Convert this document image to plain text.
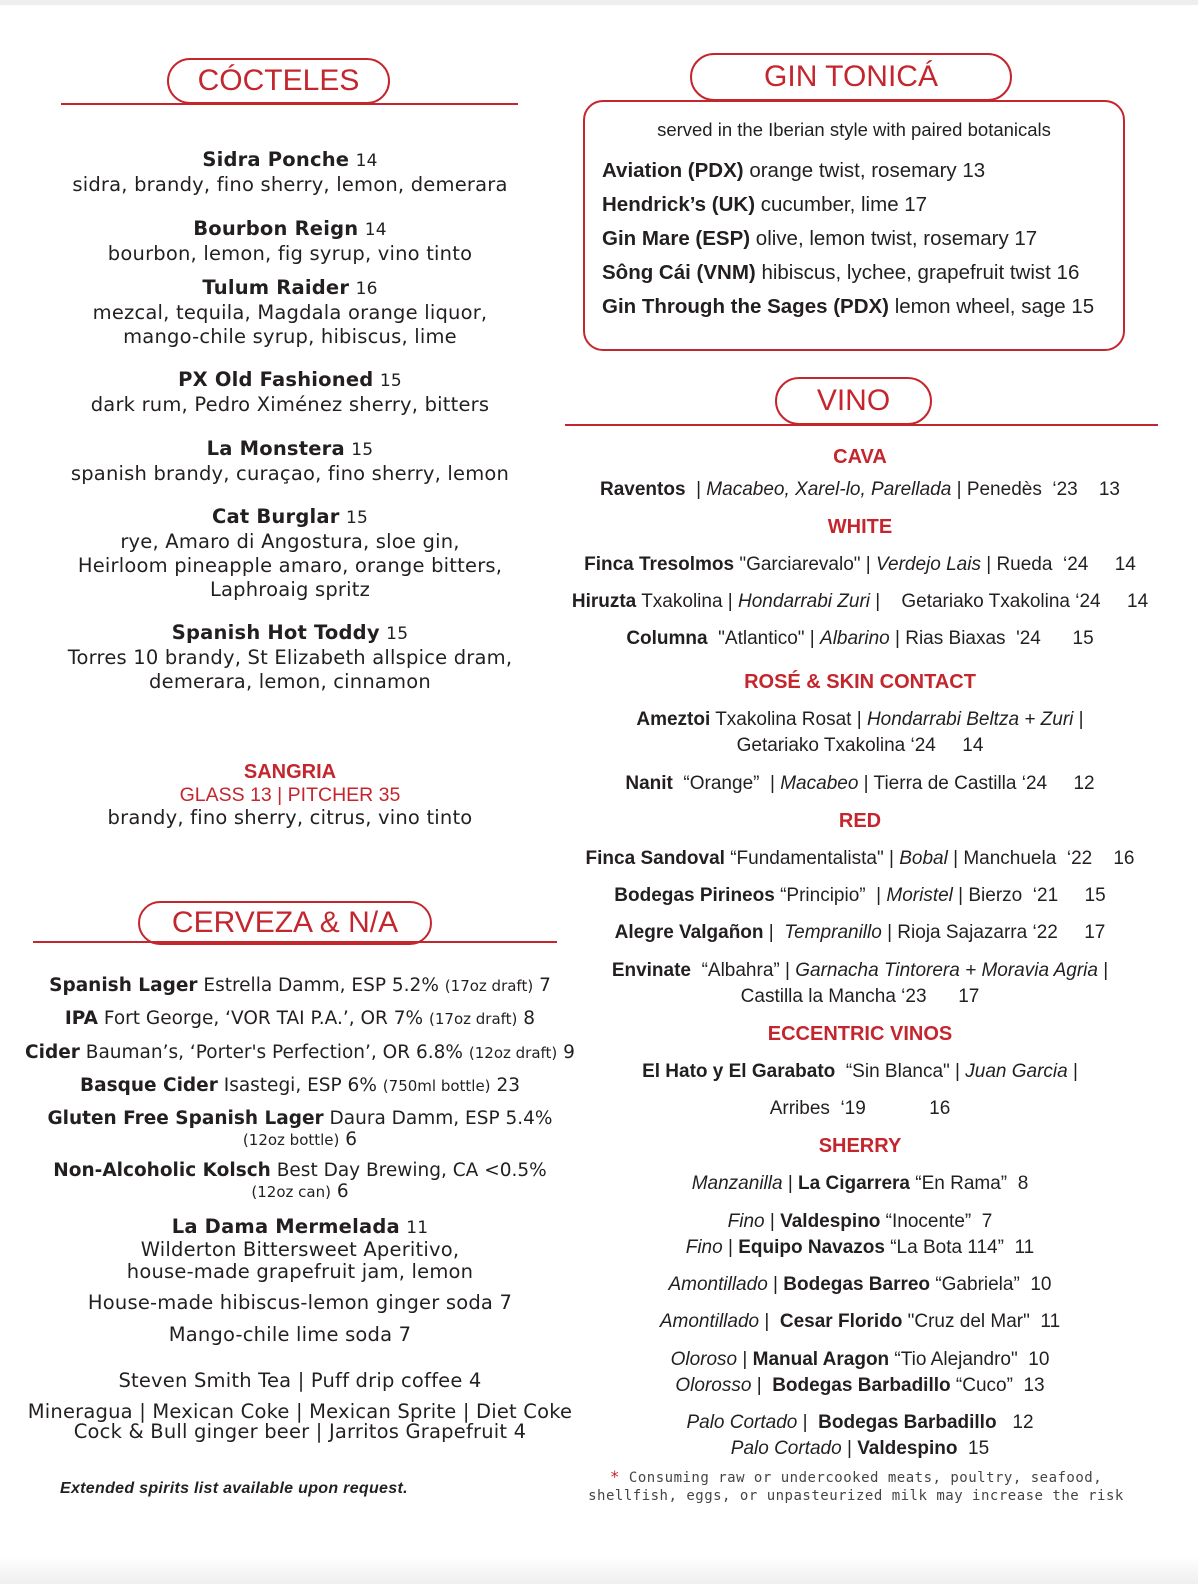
CÓCTELES
Sidra Ponche 14
sidra, brandy, fino sherry, lemon, demerara
Bourbon Reign 14
bourbon, lemon, fig syrup, vino tinto
Tulum Raider 16
mezcal, tequila, Magdala orange liquor,
mango-chile syrup, hibiscus, lime
PX Old Fashioned 15
dark rum, Pedro Ximénez sherry, bitters
La Monstera 15
spanish brandy, curaçao, fino sherry, lemon
Cat Burglar 15
rye, Amaro di Angostura, sloe gin,
Heirloom pineapple amaro, orange bitters,
Laphroaig spritz
Spanish Hot Toddy 15
Torres 10 brandy, St Elizabeth allspice dram,
demerara, lemon, cinnamon
SANGRIA
GLASS 13 | PITCHER 35
brandy, fino sherry, citrus, vino tinto
CERVEZA & N/A
Spanish Lager Estrella Damm, ESP 5.2% (17oz draft) 7
IPA Fort George, ‘VOR TAI P.A.’, OR 7% (17oz draft) 8
Cider Bauman’s, ‘Porter's Perfection’, OR 6.8% (12oz draft) 9
Basque Cider Isastegi, ESP 6% (750ml bottle) 23
Gluten Free Spanish Lager Daura Damm, ESP 5.4%
(12oz bottle) 6
Non-Alcoholic Kolsch Best Day Brewing, CA <0.5%
(12oz can) 6
La Dama Mermelada 11
Wilderton Bittersweet Aperitivo,
house-made grapefruit jam, lemon
House-made hibiscus-lemon ginger soda 7
Mango-chile lime soda 7
Steven Smith Tea | Puff drip coffee 4
Mineragua | Mexican Coke | Mexican Sprite | Diet Coke
Cock & Bull ginger beer | Jarritos Grapefruit 4
Extended spirits list available upon request.
GIN TONICÁ
served in the Iberian style with paired botanicals
Aviation (PDX) orange twist, rosemary 13
Hendrick’s (UK) cucumber, lime 17
Gin Mare (ESP) olive, lemon twist, rosemary 17
Sông Cái (VNM) hibiscus, lychee, grapefruit twist 16
Gin Through the Sages (PDX) lemon wheel, sage 15
VINO
CAVA
Raventos  | Macabeo, Xarel-lo, Parellada | Penedès  ‘23    13
WHITE
Finca Tresolmos "Garciarevalo" | Verdejo Lais | Rueda  ‘24     14
Hiruzta Txakolina | Hondarrabi Zuri |    Getariako Txakolina ‘24     14
Columna  "Atlantico" | Albarino | Rias Biaxas  '24      15
ROSÉ & SKIN CONTACT
Ameztoi Txakolina Rosat | Hondarrabi Beltza + Zuri |
Getariako Txakolina ‘24     14
Nanit  “Orange”  | Macabeo | Tierra de Castilla ‘24     12
RED
Finca Sandoval “Fundamentalista" | Bobal | Manchuela  ‘22    16
Bodegas Pirineos “Principio”  | Moristel | Bierzo  ‘21     15
Alegre Valgañon |  Tempranillo | Rioja Sajazarra ‘22     17
Envinate  “Albahra” | Garnacha Tintorera + Moravia Agria |
Castilla la Mancha ‘23      17
ECCENTRIC VINOS
El Hato y El Garabato  “Sin Blanca" | Juan Garcia |
Arribes  ‘19            16
SHERRY
Manzanilla | La Cigarrera “En Rama”  8
Fino | Valdespino “Inocente”  7
Fino | Equipo Navazos “La Bota 114”  11
Amontillado | Bodegas Barreo “Gabriela”  10
Amontillado |  Cesar Florido "Cruz del Mar"  11
Oloroso | Manual Aragon “Tio Alejandro"  10
Olorosso |  Bodegas Barbadillo “Cuco”  13
Palo Cortado |  Bodegas Barbadillo   12
Palo Cortado | Valdespino  15
* Consuming raw or undercooked meats, poultry, seafood,
shellfish, eggs, or unpasteurized milk may increase the risk
